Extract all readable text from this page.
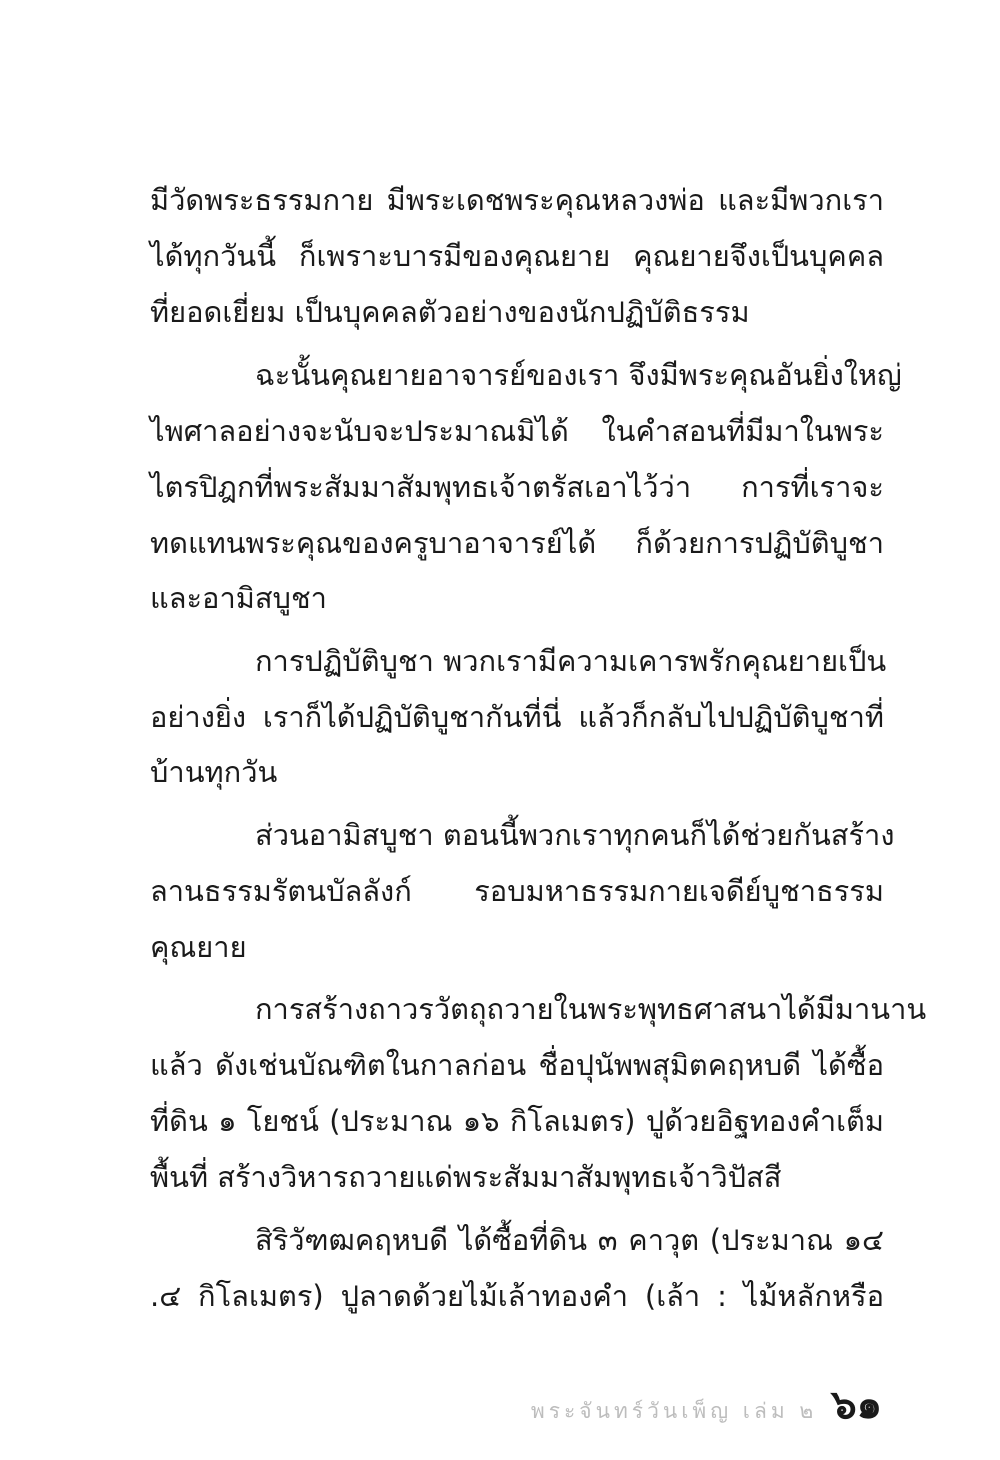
มีวัดพระธรรมกาย มีพระเดชพระคุณหลวงพ่อ และมีพวกเรา
ได้ทุกวันนี้ ก็เพราะบารมีของคุณยาย คุณยายจึงเป็นบุคคล
ที่ยอดเยี่ยม เป็นบุคคลตัวอย่างของนักปฏิบัติธรรม
ฉะนั้นคุณยายอาจารย์ของเรา จึงมีพระคุณอันยิ่งใหญ่
ไพศาลอย่างจะนับจะประมาณมิได้ ในคำสอนที่มีมาในพระ
ไตรปิฎกที่พระสัมมาสัมพุทธเจ้าตรัสเอาไว้ว่า การที่เราจะ
ทดแทนพระคุณของครูบาอาจารย์ได้ ก็ด้วยการปฏิบัติบูชา
และอามิสบูชา
การปฏิบัติบูชา พวกเรามีความเคารพรักคุณยายเป็น
อย่างยิ่ง เราก็ได้ปฏิบัติบูชากันที่นี่ แล้วก็กลับไปปฏิบัติบูชาที่
บ้านทุกวัน
ส่วนอามิสบูชา ตอนนี้พวกเราทุกคนก็ได้ช่วยกันสร้าง
ลานธรรมรัตนบัลลังก์ รอบมหาธรรมกายเจดีย์บูชาธรรม
คุณยาย
การสร้างถาวรวัตถุถวายในพระพุทธศาสนาได้มีมานาน
แล้ว ดังเช่นบัณฑิตในกาลก่อน ชื่อปุนัพพสุมิตคฤหบดี ได้ซื้อ
ที่ดิน ๑ โยชน์ (ประมาณ ๑๖ กิโลเมตร) ปูด้วยอิฐทองคำเต็ม
พื้นที่ สร้างวิหารถวายแด่พระสัมมาสัมพุทธเจ้าวิปัสสี
สิริวัฑฒคฤหบดี ได้ซื้อที่ดิน ๓ คาวุต (ประมาณ ๑๔
.๔ กิโลเมตร) ปูลาดด้วยไม้เล้าทองคำ (เล้า : ไม้หลักหรือ
พระจันทร์วันเพ็ญ เล่ม ๒ ๖๑
